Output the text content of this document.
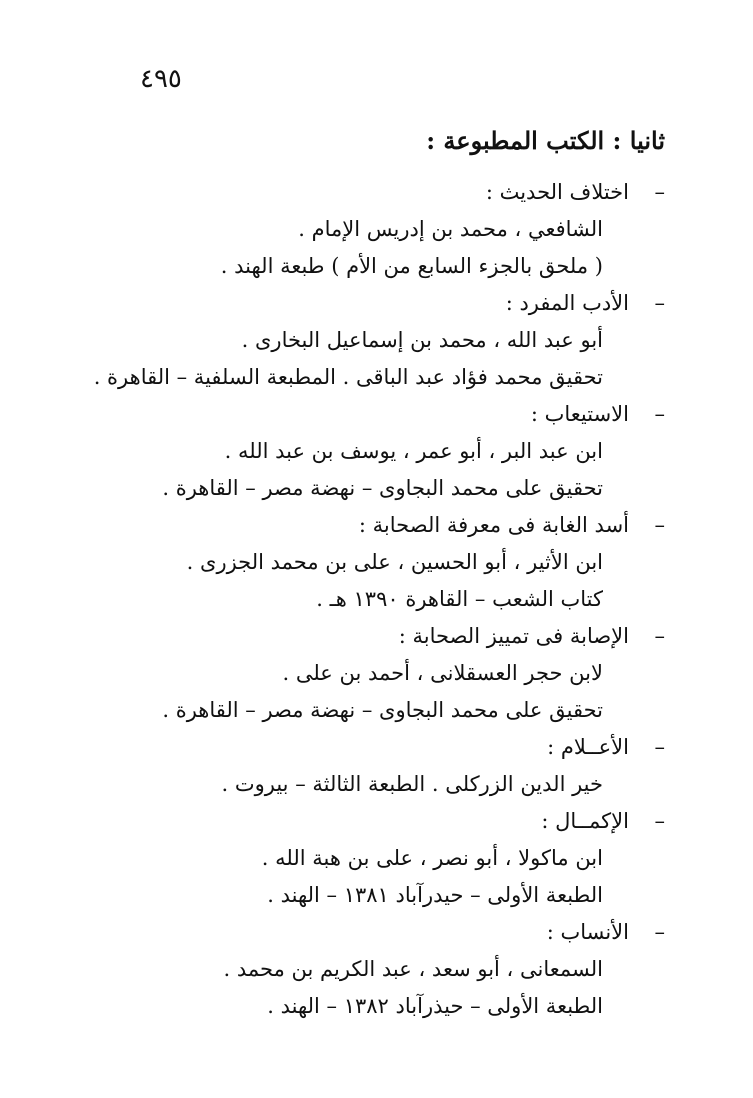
٤٩٥
ثانيا : الكتب المطبوعة :
–
اختلاف الحديث :
الشافعي ، محمد بن إدريس الإمام .
( ملحق بالجزء السابع من الأم ) طبعة الهند .
–
الأدب المفرد :
أبو عبد الله ، محمد بن إسماعيل البخارى .
تحقيق محمد فؤاد عبد الباقى . المطبعة السلفية – القاهرة .
–
الاستيعاب :
ابن عبد البر ، أبو عمر ، يوسف بن عبد الله .
تحقيق على محمد البجاوى – نهضة مصر – القاهرة .
–
أسد الغابة فى معرفة الصحابة :
ابن الأثير ، أبو الحسين ، على بن محمد الجزرى .
كتاب الشعب – القاهرة ١٣٩٠ هـ .
–
الإصابة فى تمييز الصحابة :
لابن حجر العسقلانى ، أحمد بن على .
تحقيق على محمد البجاوى – نهضة مصر – القاهرة .
–
الأعــلام :
خير الدين الزركلى . الطبعة الثالثة – بيروت .
–
الإكمــال :
ابن ماكولا ، أبو نصر ، على بن هبة الله .
الطبعة الأولى – حيدرآباد ١٣٨١ – الهند .
–
الأنساب :
السمعانى ، أبو سعد ، عبد الكريم بن محمد .
الطبعة الأولى – حيذرآباد ١٣٨٢ – الهند .
